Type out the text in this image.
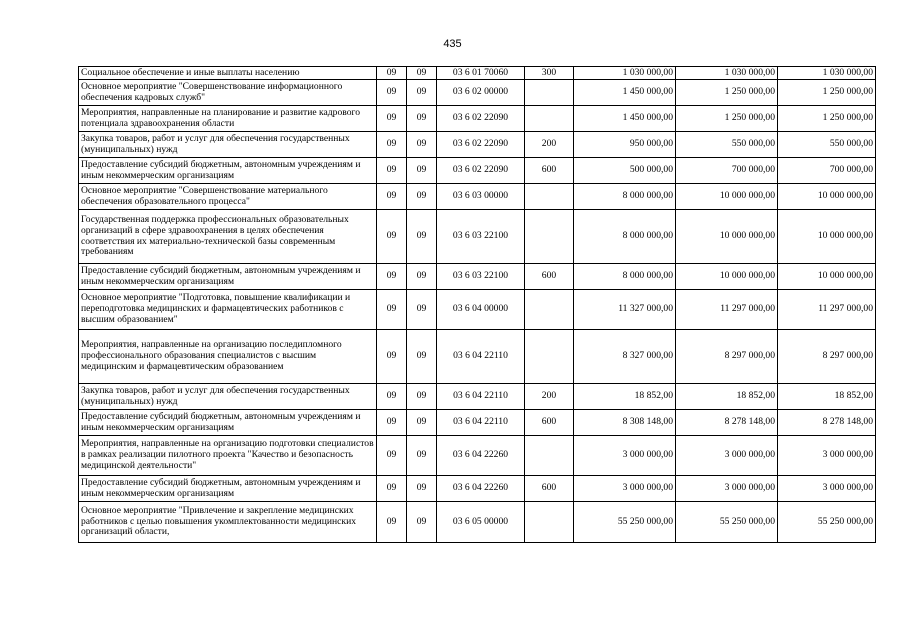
435
Социальное обеспечение и иные выплаты населению	09	09	03 6 01 70060	300	1 030 000,00	1 030 000,00	1 030 000,00
Основное мероприятие "Совершенствование информационного обеспечения кадровых служб"	09	09	03 6 02 00000		1 450 000,00	1 250 000,00	1 250 000,00
Мероприятия, направленные на планирование и развитие кадрового потенциала здравоохранения области	09	09	03 6 02 22090		1 450 000,00	1 250 000,00	1 250 000,00
Закупка товаров, работ и услуг для обеспечения государственных (муниципальных) нужд	09	09	03 6 02 22090	200	950 000,00	550 000,00	550 000,00
Предоставление субсидий бюджетным, автономным учреждениям и иным некоммерческим организациям	09	09	03 6 02 22090	600	500 000,00	700 000,00	700 000,00
Основное мероприятие "Совершенствование материального обеспечения образовательного процесса"	09	09	03 6 03 00000		8 000 000,00	10 000 000,00	10 000 000,00
Государственная поддержка профессиональных образовательных организаций в сфере здравоохранения в целях обеспечения соответствия их материально-технической базы современным требованиям	09	09	03 6 03 22100		8 000 000,00	10 000 000,00	10 000 000,00
Предоставление субсидий бюджетным, автономным учреждениям и иным некоммерческим организациям	09	09	03 6 03 22100	600	8 000 000,00	10 000 000,00	10 000 000,00
Основное мероприятие "Подготовка, повышение квалификации и переподготовка медицинских и фармацевтических работников с высшим образованием"	09	09	03 6 04 00000		11 327 000,00	11 297 000,00	11 297 000,00
Мероприятия, направленные на организацию последипломного профессионального образования специалистов с высшим медицинским и фармацевтическим образованием	09	09	03 6 04 22110		8 327 000,00	8 297 000,00	8 297 000,00
Закупка товаров, работ и услуг для обеспечения государственных (муниципальных) нужд	09	09	03 6 04 22110	200	18 852,00	18 852,00	18 852,00
Предоставление субсидий бюджетным, автономным учреждениям и иным некоммерческим организациям	09	09	03 6 04 22110	600	8 308 148,00	8 278 148,00	8 278 148,00
Мероприятия, направленные на организацию подготовки специалистов в рамках реализации пилотного проекта "Качество и безопасность медицинской деятельности"	09	09	03 6 04 22260		3 000 000,00	3 000 000,00	3 000 000,00
Предоставление субсидий бюджетным, автономным учреждениям и иным некоммерческим организациям	09	09	03 6 04 22260	600	3 000 000,00	3 000 000,00	3 000 000,00
Основное мероприятие "Привлечение и закрепление медицинских работников с целью повышения укомплектованности медицинских организаций области,	09	09	03 6 05 00000		55 250 000,00	55 250 000,00	55 250 000,00
